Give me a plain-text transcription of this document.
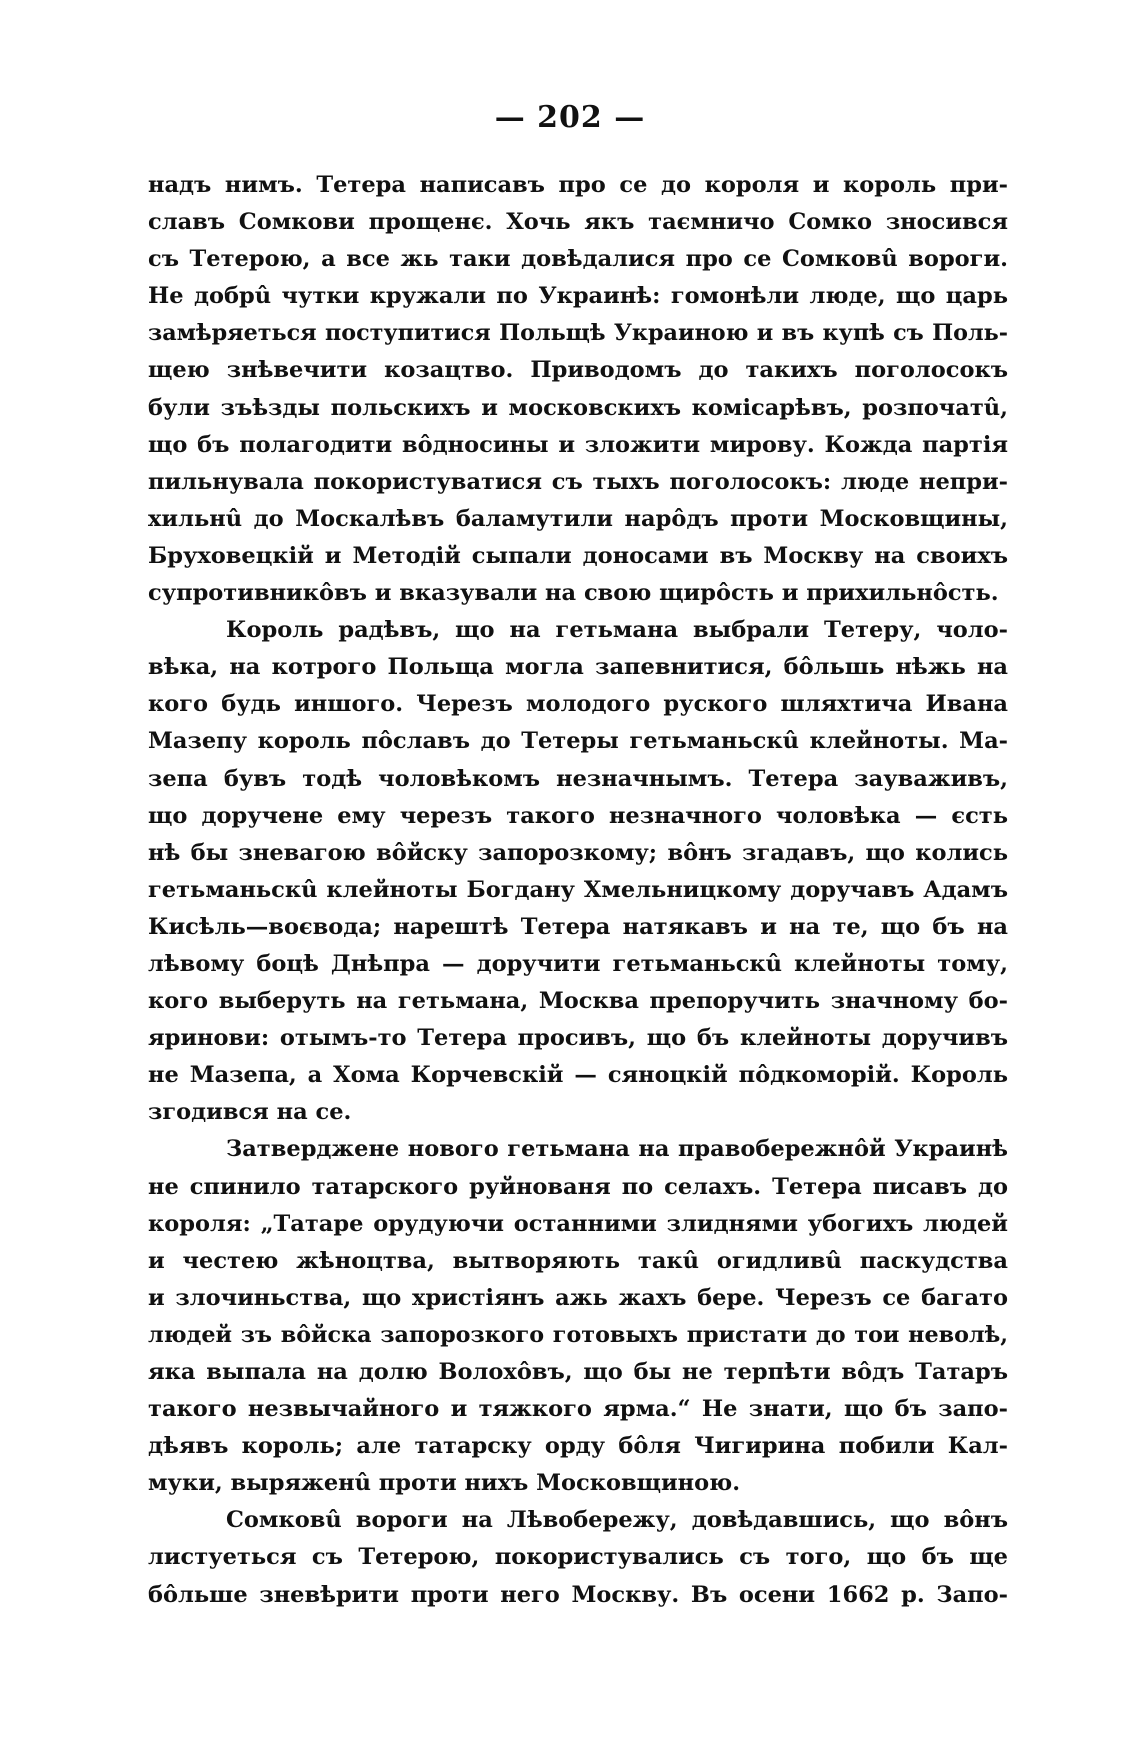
— 202 —
надъ нимъ. Тетера написавъ про се до короля и король при-
славъ Сомкови прощенє. Хочь якъ таємничо Сомко зносився
съ Тетерою, а все жь таки довѣдалися про се Сомковû вороги.
Не добрû чутки кружали по Украинѣ: гомонѣли люде, що царь
замѣряеться поступитися Польщѣ Украиною и въ купѣ съ Поль-
щею знѣвечити козацтво. Приводомъ до такихъ поголосокъ
були зъѣзды польскихъ и московскихъ комісарѣвъ, розпочатû,
що бъ полагодити вôдносины и зложити мирову. Кожда партія
пильнувала покористуватися съ тыхъ поголосокъ: люде непри-
хильнû до Москалѣвъ баламутили нарôдъ проти Московщины,
Бруховецкій и Методій сыпали доносами въ Москву на своихъ
супротивникôвъ и вказували на свою щирôсть и прихильнôсть.
Король радѣвъ, що на гетьмана выбрали Тетеру, чоло-
вѣка, на котрого Польща могла запевнитися, бôльшь нѣжь на
кого будь иншого. Черезъ молодого руского шляхтича Ивана
Мазепу король пôславъ до Тетеры гетьманьскû клейноты. Ма-
зепа бувъ тодѣ чоловѣкомъ незначнымъ. Тетера зауваживъ,
що доручене ему черезъ такого незначного чоловѣка — єсть
нѣ бы зневагою вôйску запорозкому; вôнъ згадавъ, що колись
гетьманьскû клейноты Богдану Хмельницкому доручавъ Адамъ
Кисѣль—воєвода; нарештѣ Тетера натякавъ и на те, що бъ на
лѣвому боцѣ Днѣпра — доручити гетьманьскû клейноты тому,
кого выберуть на гетьмана, Москва препоручить значному бо-
яринови: отымъ-то Тетера просивъ, що бъ клейноты доручивъ
не Мазепа, а Хома Корчевскій — сяноцкій пôдкоморій. Король
згодився на се.
Затверджене нового гетьмана на правобережнôй Украинѣ
не спинило татарского руйнованя по селахъ. Тетера писавъ до
короля: „Татаре орудуючи останними злиднями убогихъ людей
и честею жѣноцтва, вытворяють такû огидливû паскудства
и злочиньства, що христіянъ ажь жахъ бере. Черезъ се багато
людей зъ вôйска запорозкого готовыхъ пристати до тои неволѣ,
яка выпала на долю Волохôвъ, що бы не терпѣти вôдъ Татаръ
такого незвычайного и тяжкого ярма.“ Не знати, що бъ запо-
дѣявъ король; але татарску орду бôля Чигирина побили Кал-
муки, выряженû проти нихъ Московщиною.
Сомковû вороги на Лѣвобережу, довѣдавшись, що вôнъ
листуеться съ Тетерою, покористувались съ того, що бъ ще
бôльше зневѣрити проти него Москву. Въ осени 1662 р. Запо-
